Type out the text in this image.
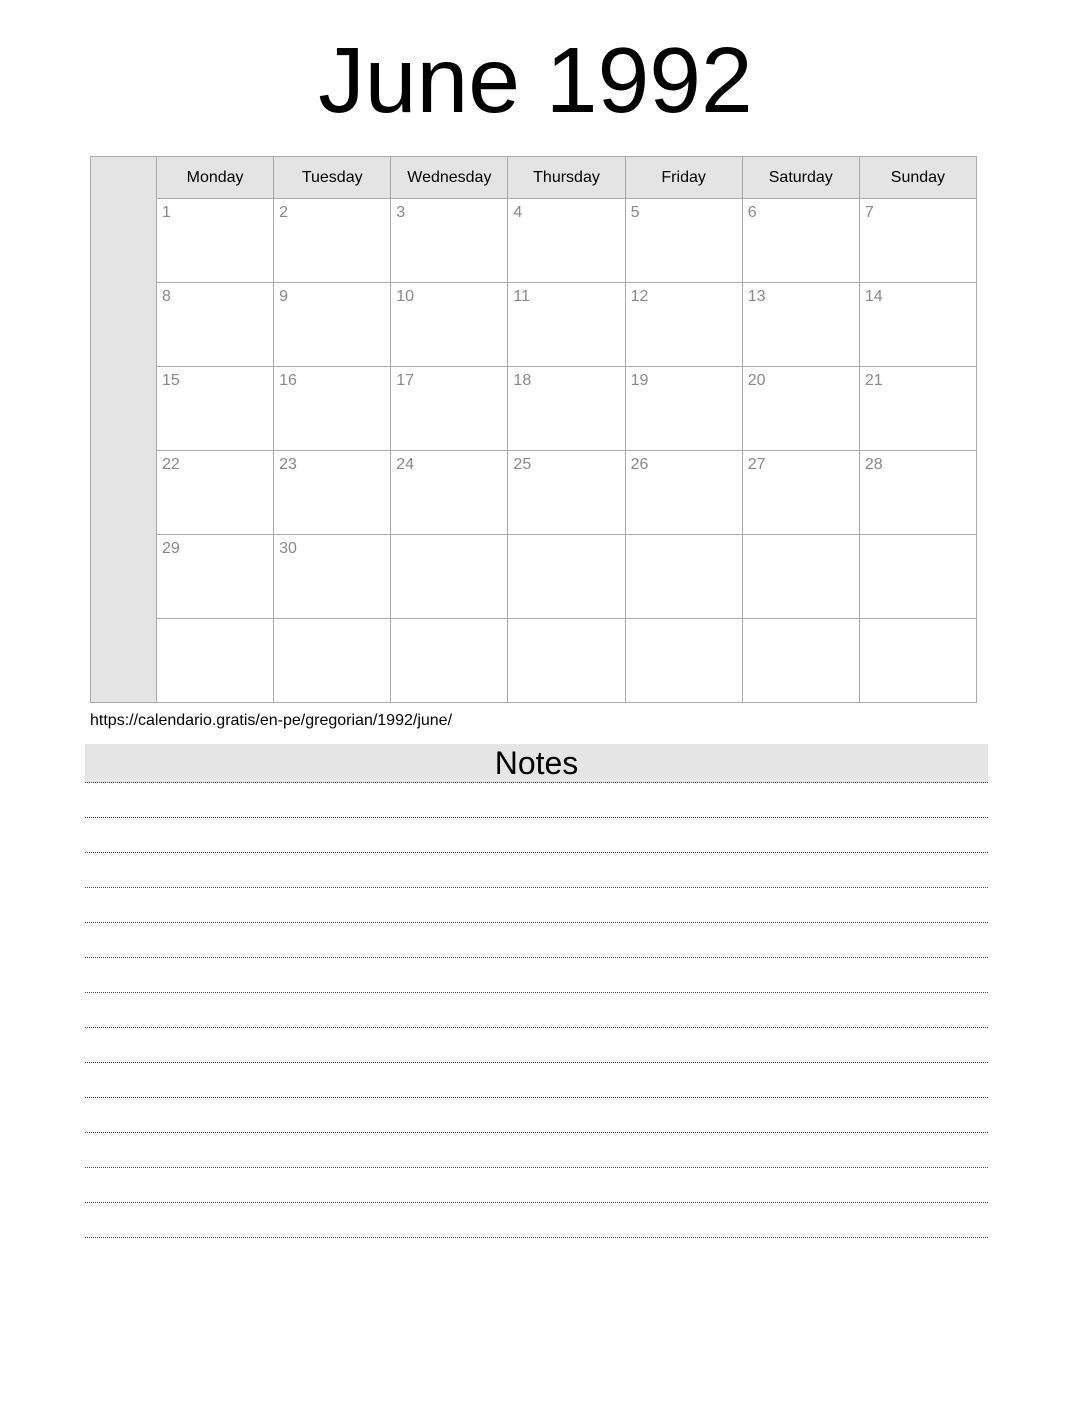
June 1992
	Monday	Tuesday	Wednesday	Thursday	Friday	Saturday	Sunday
	1	2	3	4	5	6	7
	8	9	10	11	12	13	14
	15	16	17	18	19	20	21
	22	23	24	25	26	27	28
	29	30					

https://calendario.gratis/en-pe/gregorian/1992/june/
Notes
